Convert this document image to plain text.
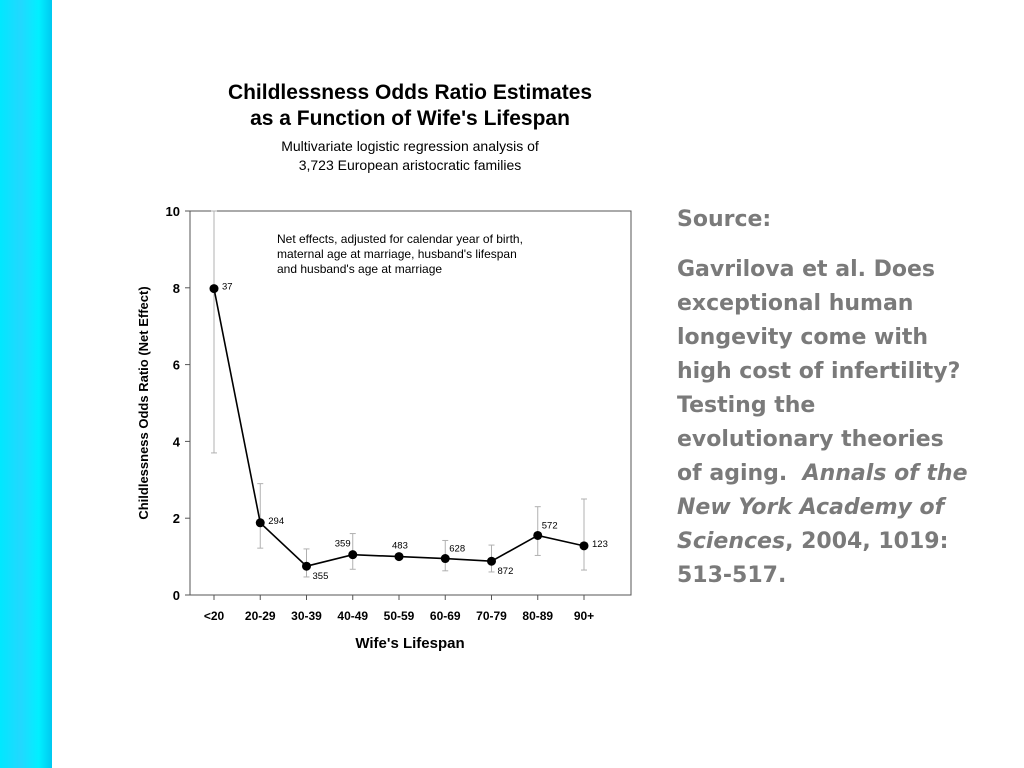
Childlessness Odds Ratio Estimates
as a Function of Wife's Lifespan
Multivariate logistic regression analysis of
3,723 European aristocratic families
0
2
4
6
8
10
<20 20-29 30-39 40-49 50-59 60-69 70-79 80-89 90+
37
294
355
359	483	628
872
572
123
Wife's Lifespan
Childlessness Odds Ratio (Net Effect)
Net effects, adjusted for calendar year of birth,
maternal age at marriage, husband's lifespan
and husband's age at marriage

Source:

Gavrilova et al. Does
exceptional human
longevity come with
high cost of infertility?
Testing the
evolutionary theories
of aging. Annals of the
New York Academy of
Sciences, 2004, 1019:
513-517.
